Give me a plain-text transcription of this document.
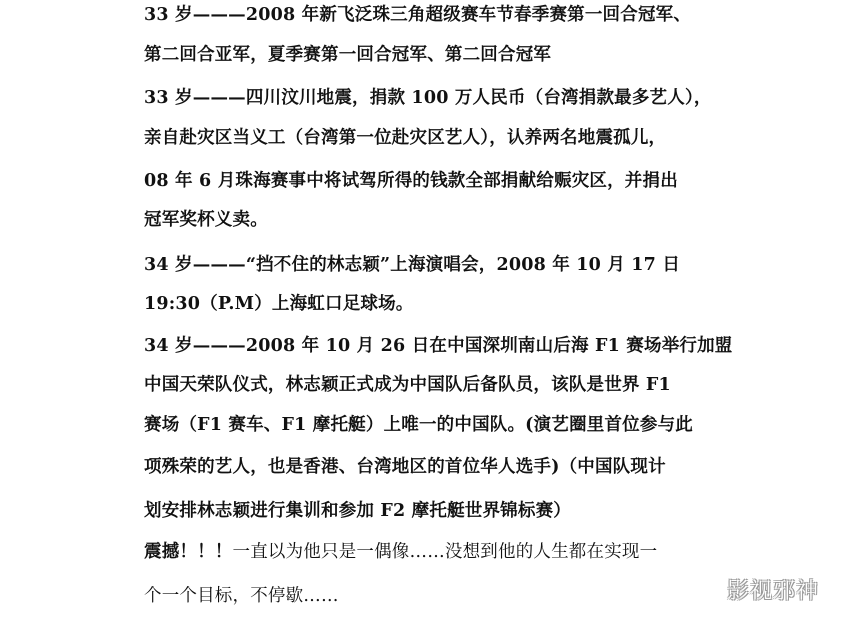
33 岁———2008 年新飞泛珠三角超级赛车节春季赛第一回合冠军、
第二回合亚军，夏季赛第一回合冠军、第二回合冠军
33 岁———四川汶川地震，捐款 100 万人民币（台湾捐款最多艺人），
亲自赴灾区当义工（台湾第一位赴灾区艺人），认养两名地震孤儿，
08 年 6 月珠海赛事中将试驾所得的钱款全部捐献给赈灾区，并捐出
冠军奖杯义卖。
34 岁———“挡不住的林志颖”上海演唱会，2008 年 10 月 17 日
19:30（P.M）上海虹口足球场。
34 岁———2008 年 10 月 26 日在中国深圳南山后海 F1 赛场举行加盟
中国天荣队仪式，林志颖正式成为中国队后备队员，该队是世界 F1
赛场（F1 赛车、F1 摩托艇）上唯一的中国队。(演艺圈里首位参与此
项殊荣的艺人，也是香港、台湾地区的首位华人选手)（中国队现计
划安排林志颖进行集训和参加 F2 摩托艇世界锦标赛）
震撼！！！一直以为他只是一偶像……没想到他的人生都在实现一
个一个目标，不停歇……	影视邪神
